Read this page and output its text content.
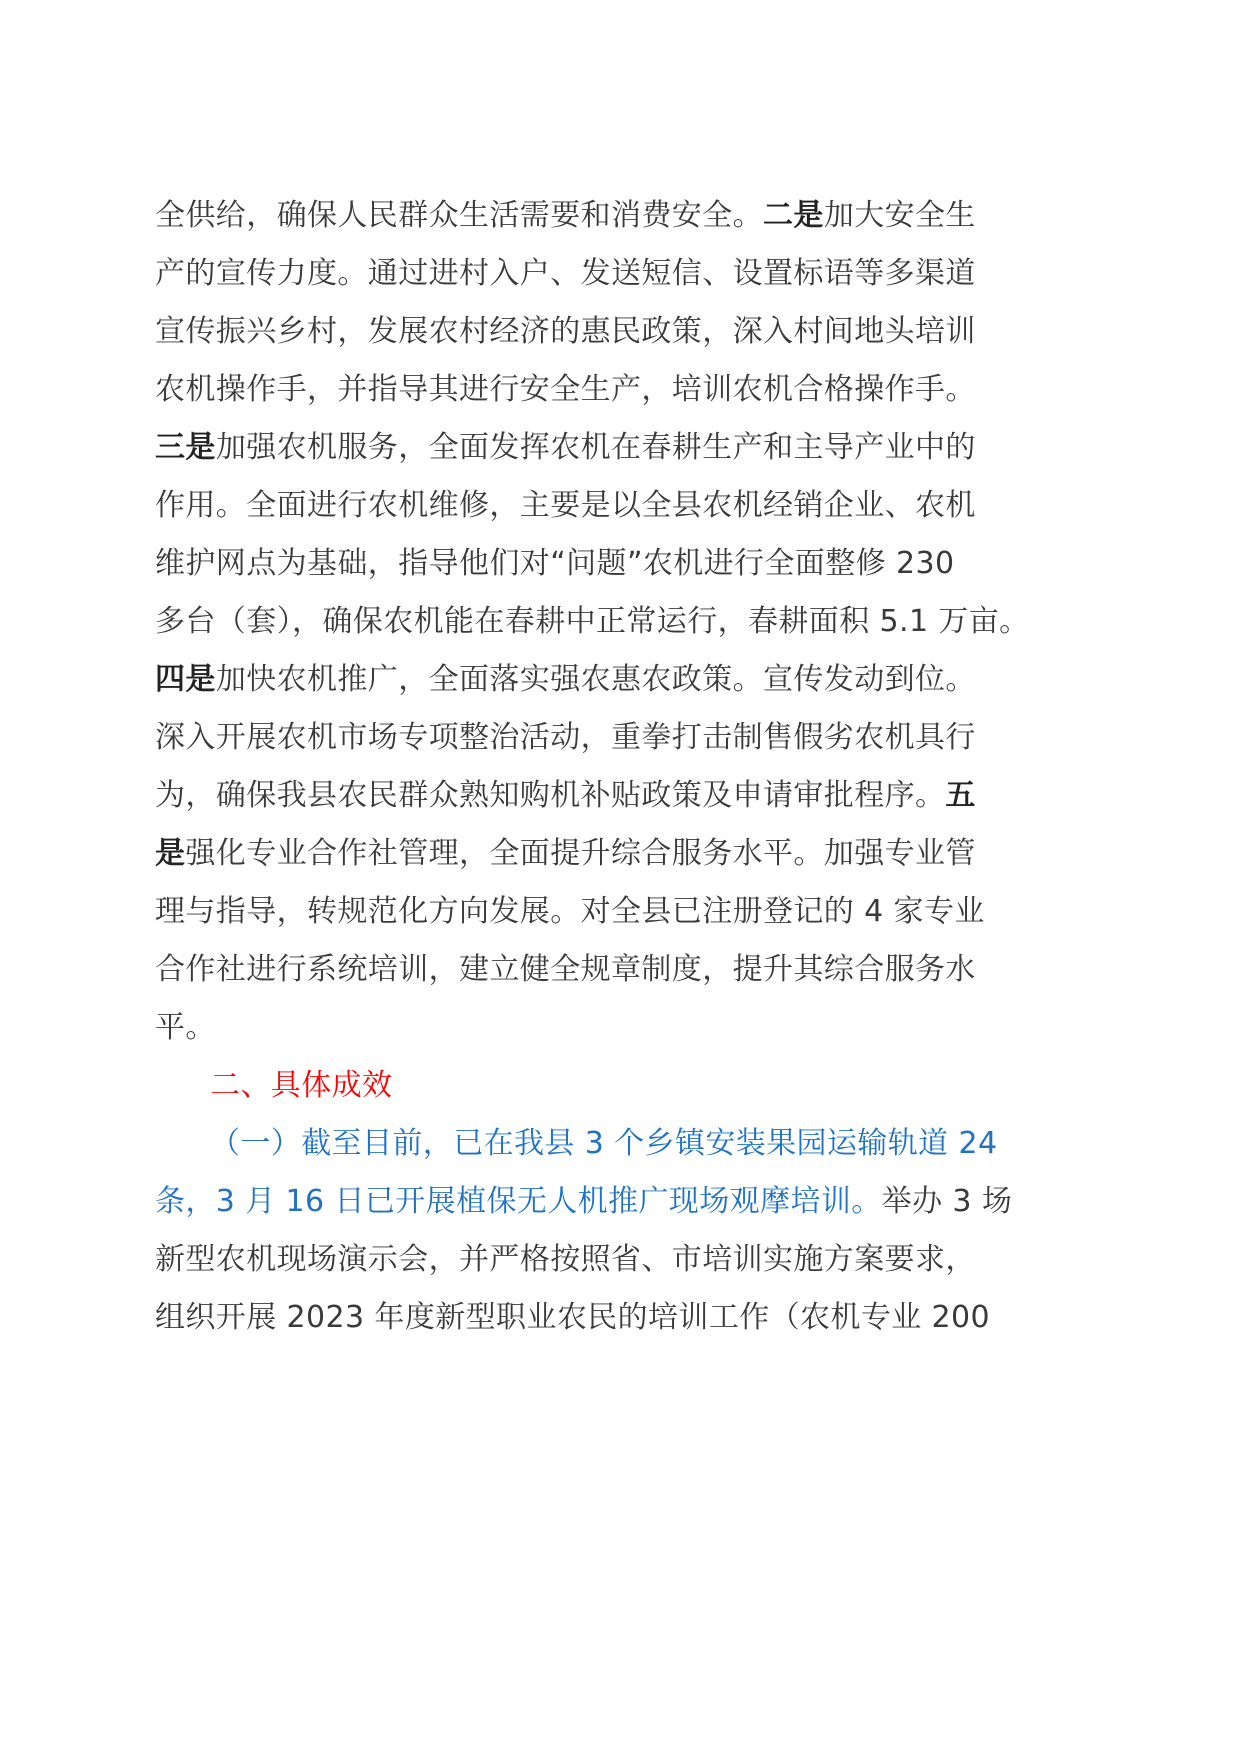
全供给，确保人民群众生活需要和消费安全。二是加大安全生
产的宣传力度。通过进村入户、发送短信、设置标语等多渠道
宣传振兴乡村，发展农村经济的惠民政策，深入村间地头培训
农机操作手，并指导其进行安全生产，培训农机合格操作手。
三是加强农机服务，全面发挥农机在春耕生产和主导产业中的
作用。全面进行农机维修，主要是以全县农机经销企业、农机
维护网点为基础，指导他们对“问题”农机进行全面整修 230
多台（套），确保农机能在春耕中正常运行，春耕面积 5.1 万亩。
四是加快农机推广，全面落实强农惠农政策。宣传发动到位。
深入开展农机市场专项整治活动，重拳打击制售假劣农机具行
为，确保我县农民群众熟知购机补贴政策及申请审批程序。五
是强化专业合作社管理，全面提升综合服务水平。加强专业管
理与指导，转规范化方向发展。对全县已注册登记的 4 家专业
合作社进行系统培训，建立健全规章制度，提升其综合服务水
平。
二、具体成效
（一）截至目前，已在我县 3 个乡镇安装果园运输轨道 24
条，3 月 16 日已开展植保无人机推广现场观摩培训。举办 3 场
新型农机现场演示会，并严格按照省、市培训实施方案要求，
组织开展 2023 年度新型职业农民的培训工作（农机专业 200
